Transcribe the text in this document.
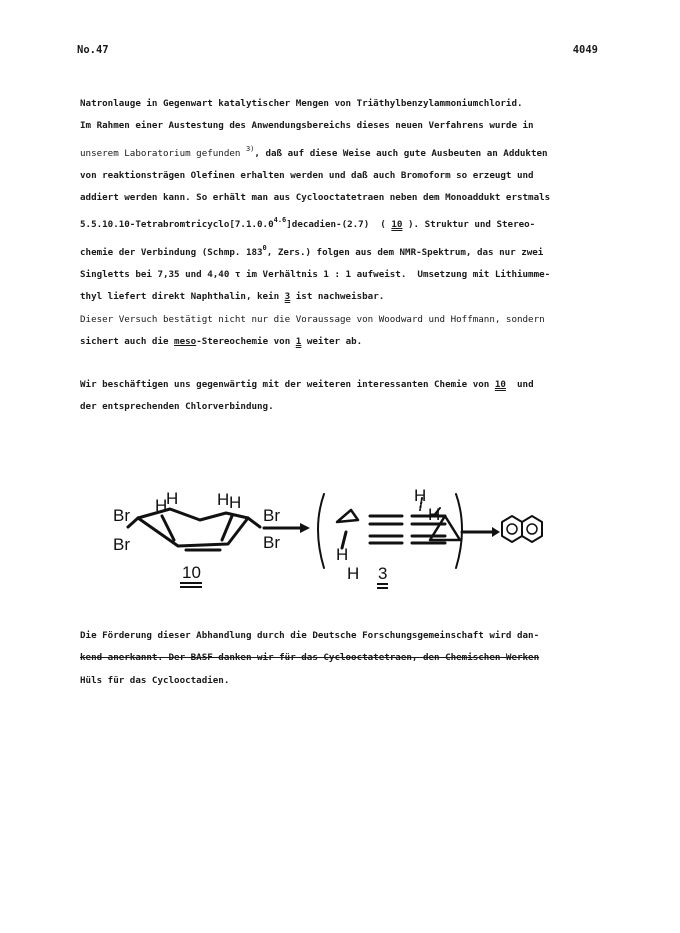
No.47	4049
Natronlauge in Gegenwart katalytischer Mengen von Triäthylbenzylammoniumchlorid.
Im Rahmen einer Austestung des Anwendungsbereichs dieses neuen Verfahrens wurde in
unserem Laboratorium gefunden $^{3)}$, daß auf diese Weise auch gute Ausbeuten an Addukten
von reaktionsträgen Olefinen erhalten werden und daß auch Bromoform so erzeugt und
addiert werden kann. So erhält man aus Cyclooctatetraen neben dem Monoaddukt erstmals
$5.5.10.10-Tetrabromtricyclo[7.1.0.0^{4.6}]decadien-(2.7)$  ( 10 ). Struktur und Stereo-
chemie der Verbindung (Schmp. $183^0$, Zers.) folgen aus dem NMR-Spektrum, das nur zwei
Singletts bei 7,35 und 4,40 τ im Verhältnis 1 : 1 aufweist.  Umsetzung mit Lithiumme-
thyl liefert direkt Naphthalin, kein 3 ist nachweisbar.
Dieser Versuch bestätigt nicht nur die Voraussage von Woodward und Hoffmann, sondern
sichert auch die meso-Stereochemie von 1 weiter ab.
Wir beschäftigen uns gegenwärtig mit der weiteren interessanten Chemie von 10  und
der entsprechenden Chlorverbindung.
Br
Br
Br
Br
H
H H H	H
H
H
H
10	3
Die Förderung dieser Abhandlung durch die Deutsche Forschungsgemeinschaft wird dan-
kend anerkannt. Der BASF danken wir für das Cyclooctatetraen, den Chemischen Werken
Hüls für das Cyclooctadien.
